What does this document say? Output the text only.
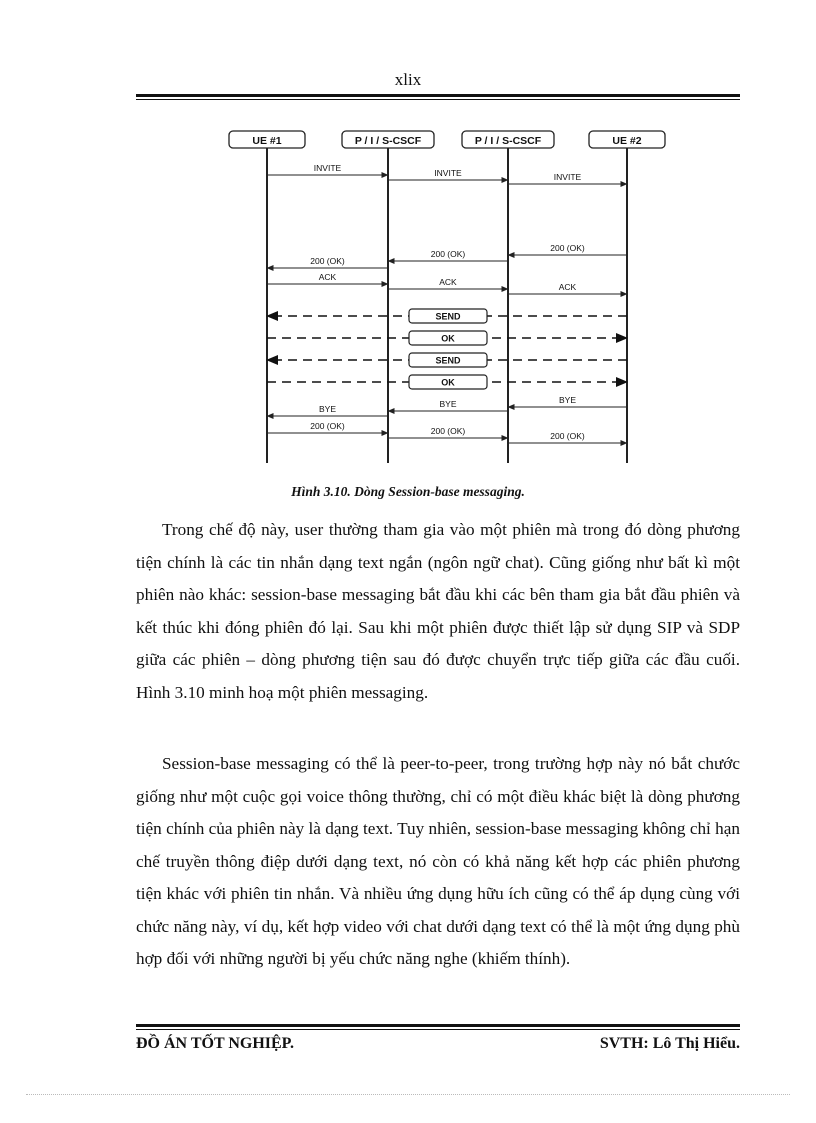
xlix
UE #1	P / I / S-CSCF	P / I / S-CSCF	UE #2
INVITE	INVITE	INVITE
200 (OK)
200 (OK)
200 (OK)
ACK	ACK	ACK
SEND
OK
SEND
OK
BYE
BYE
BYE
200 (OK)	200 (OK)	200 (OK)
Hình 3.10. Dòng Session-base messaging.

Trong chế độ này, user thường tham gia vào một phiên mà trong đó dòng phương tiện chính là các tin nhắn dạng text ngắn (ngôn ngữ chat). Cũng giống như bất kì một phiên nào khác: session-base messaging bắt đầu khi các bên tham gia bắt đầu phiên và kết thúc khi đóng phiên đó lại. Sau khi một phiên được thiết lập sử dụng SIP và SDP giữa các phiên – dòng phương tiện sau đó được chuyển trực tiếp giữa các đầu cuối. Hình 3.10 minh hoạ một phiên messaging.

Session-base messaging có thể là peer-to-peer, trong trường hợp này nó bắt chước giống như một cuộc gọi voice thông thường, chỉ có một điều khác biệt là dòng phương tiện chính của phiên này là dạng text. Tuy nhiên, session-base messaging không chỉ hạn chế truyền thông điệp dưới dạng text, nó còn có khả năng kết hợp các phiên phương tiện khác với phiên tin nhắn. Và nhiều ứng dụng hữu ích cũng có thể áp dụng cùng với chức năng này, ví dụ, kết hợp video với chat dưới dạng text có thể là một ứng dụng phù hợp đối với những người bị yếu chức năng nghe (khiếm thính).

ĐỒ ÁN TỐT NGHIỆP.	SVTH: Lô Thị Hiểu.
